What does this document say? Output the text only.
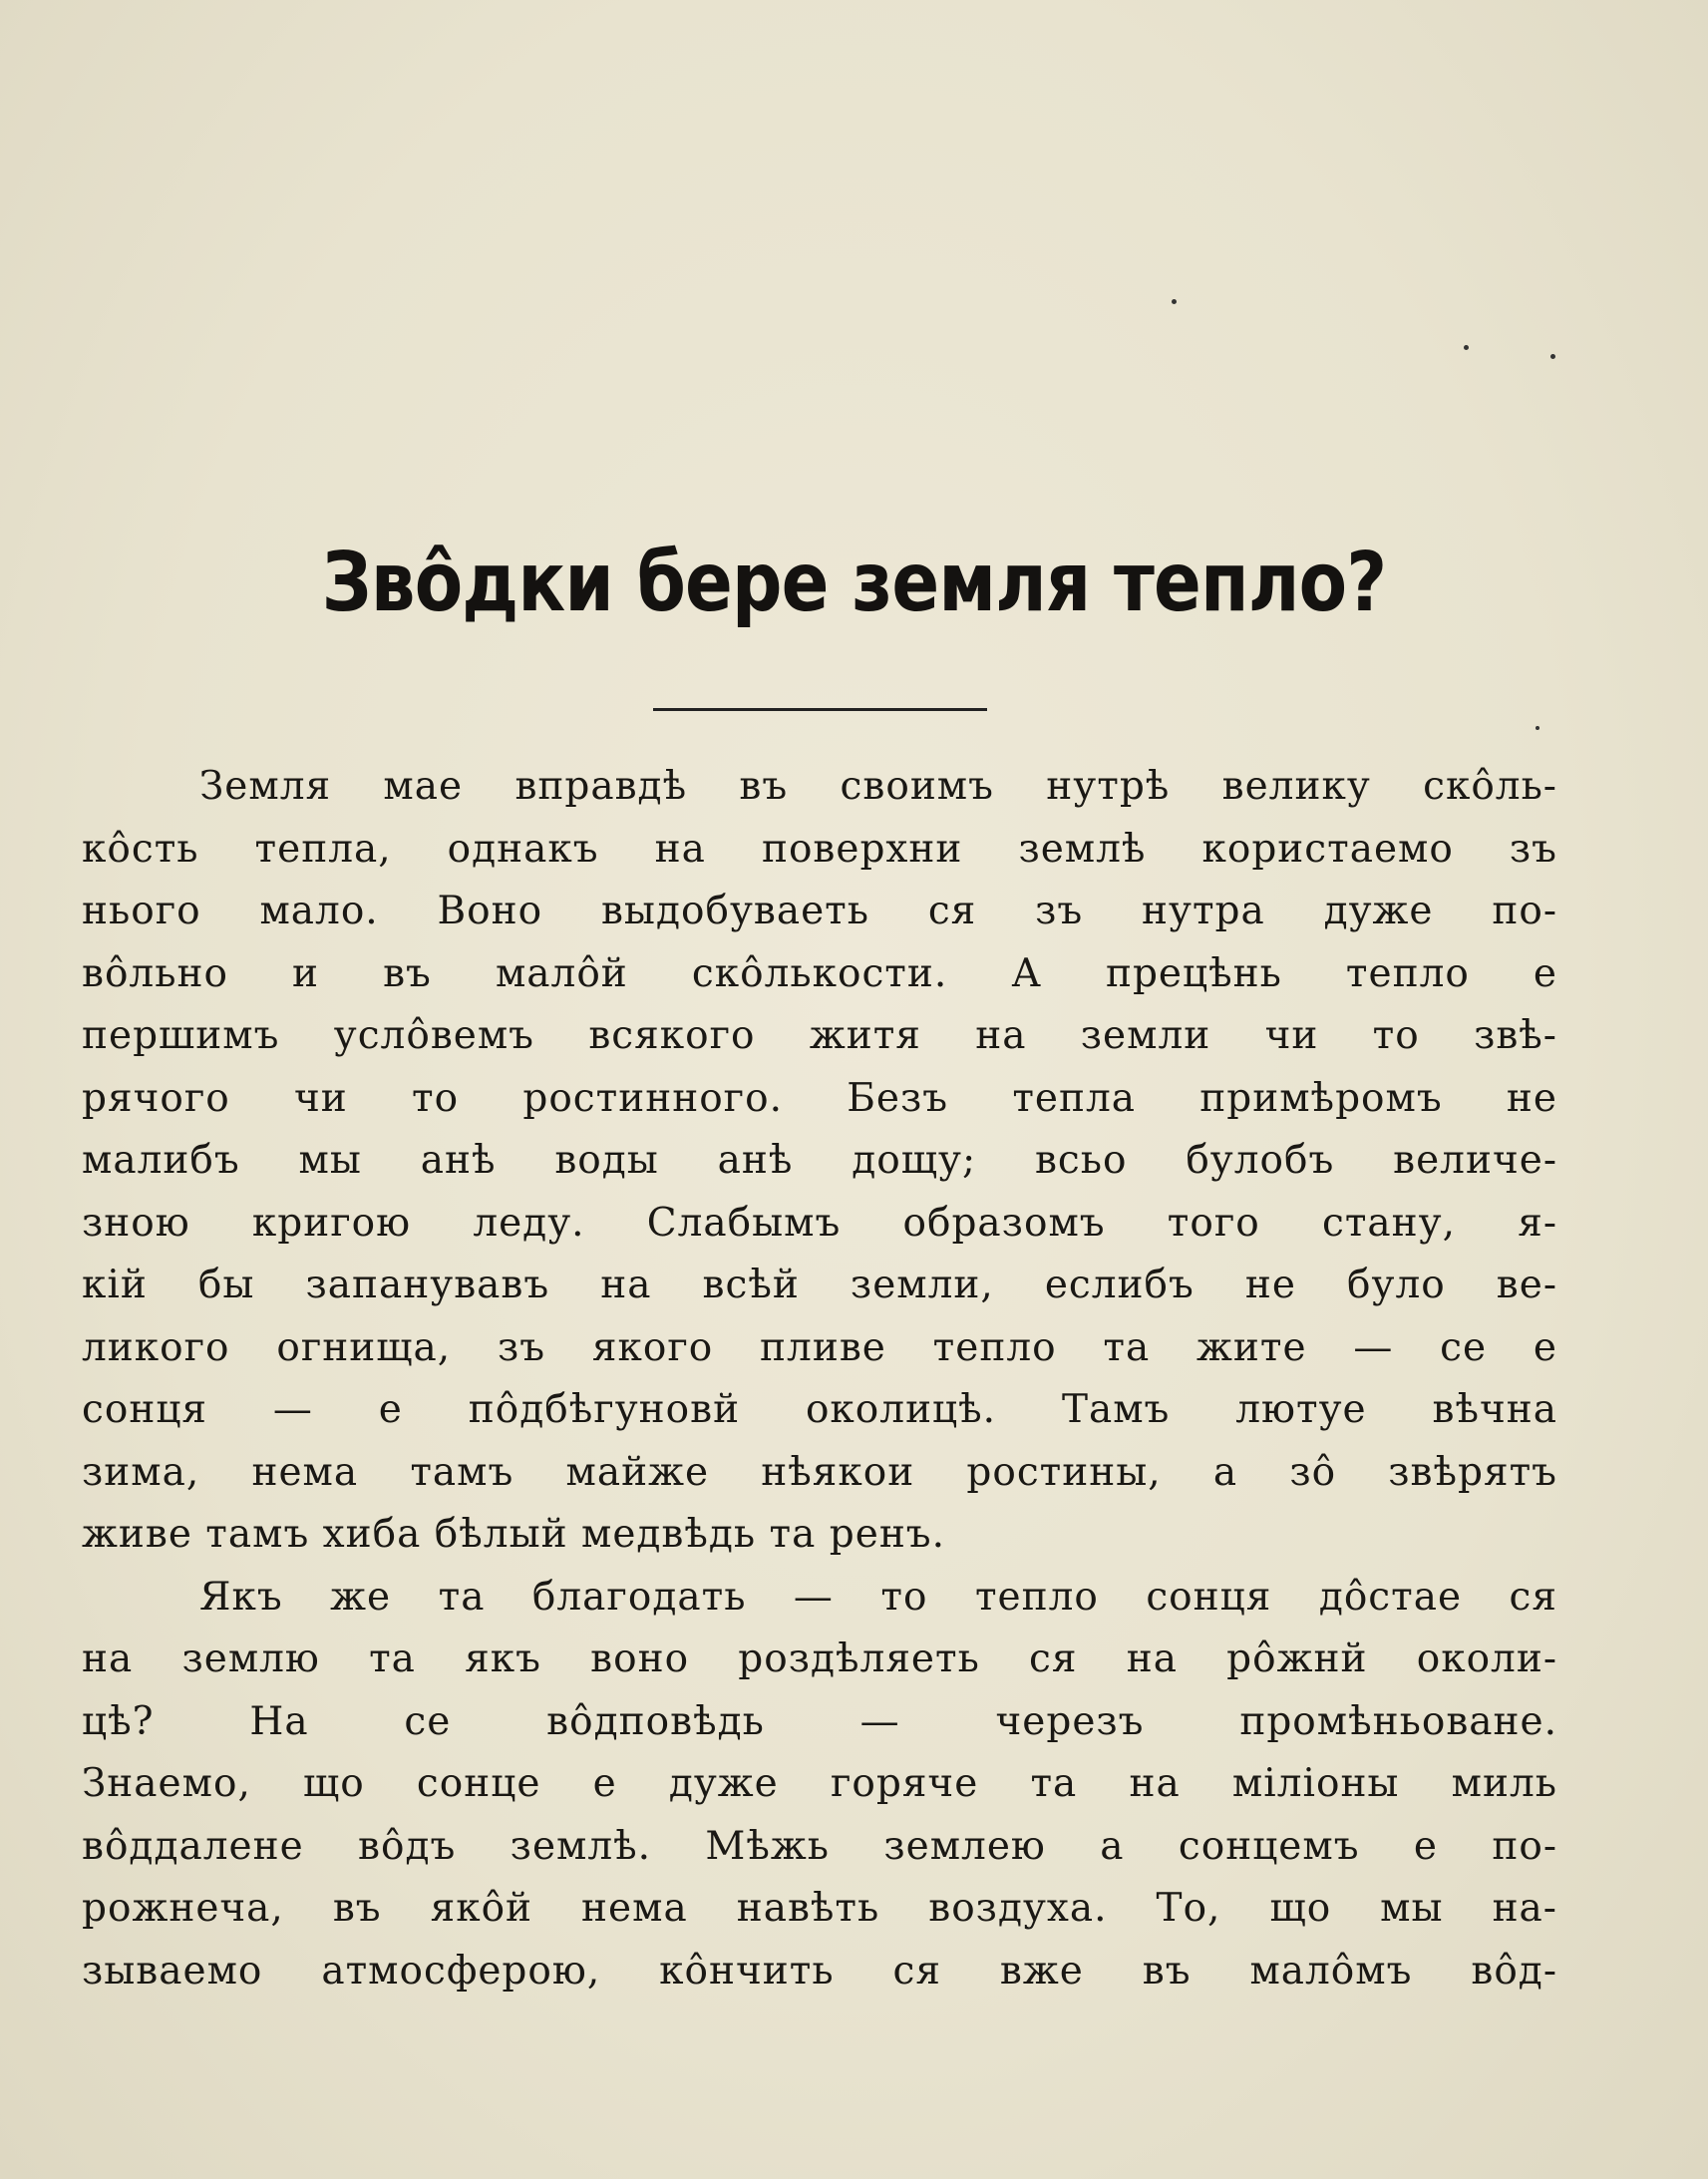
Звôдки бере земля тепло?

Земля мае вправдѣ въ своимъ нутрѣ велику скôль-
кôсть тепла, однакъ на поверхни землѣ користаемо зъ
нього мало. Воно выдобуваеть ся зъ нутра дуже по-
вôльно и въ малôй скôлькости. А прецѣнь тепло е
першимъ услôвемъ всякого житя на земли чи то звѣ-
рячого чи то ростинного. Безъ тепла примѣромъ не
малибъ мы анѣ воды анѣ дощу; всьо булобъ величе-
зною кригою леду. Слабымъ образомъ того стану, я-
кій бы запанувавъ на всѣй земли, еслибъ не було ве-
ликого огнища, зъ якого пливе тепло та жите — се е
сонця — е пôдбѣгуновй околицѣ. Тамъ лютуе вѣчна
зима, нема тамъ майже нѣякои ростины, а зô звѣрятъ
живе тамъ хиба бѣлый медвѣдь та ренъ.

Якъ же та благодать — то тепло сонця дôстае ся
на землю та якъ воно роздѣляеть ся на рôжнй околи-
цѣ? На се вôдповѣдь — черезъ промѣньоване.
Знаемо, що сонце е дуже горяче та на міліоны миль
вôддалене вôдъ землѣ. Мѣжь землею а сонцемъ е по-
рожнеча, въ якôй нема навѣть воздуха. То, що мы на-
зываемо атмосферою, кôнчить ся вже въ малôмъ вôд-
